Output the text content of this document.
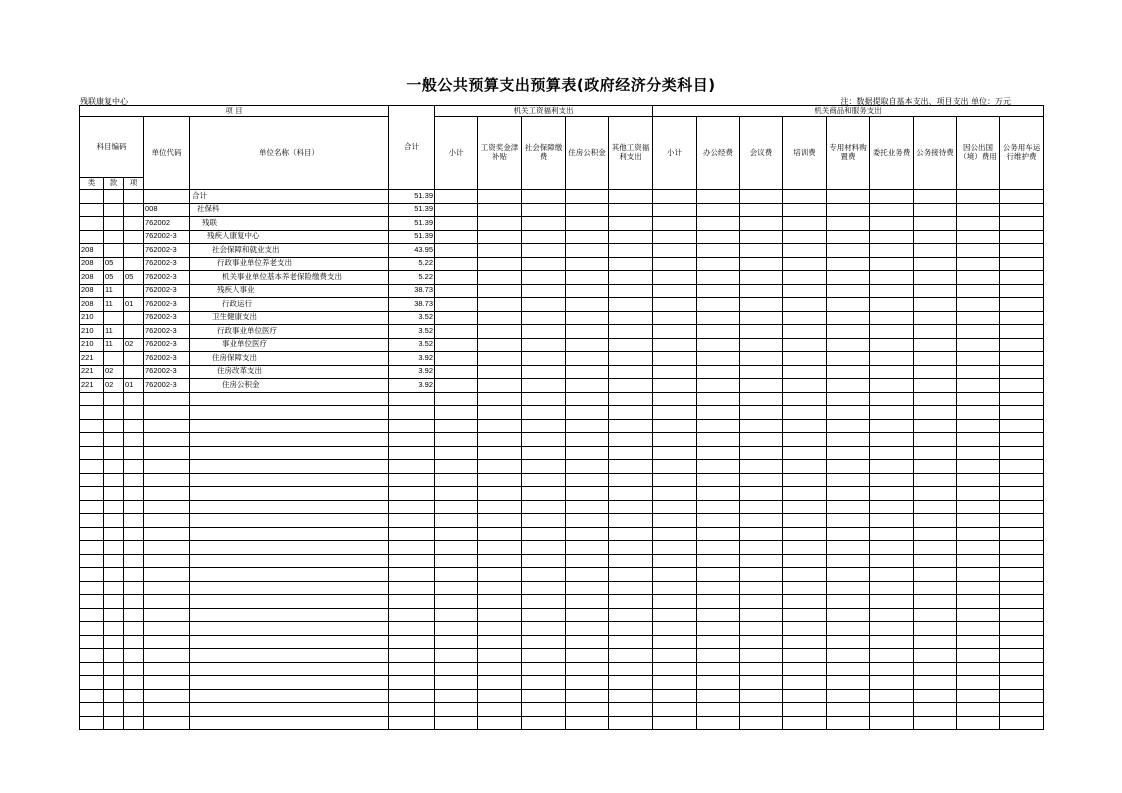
一般公共预算支出预算表(政府经济分类科目)
残联康复中心	注：数据提取自基本支出、项目支出 单位：万元
项 目					合计	机关工资福利支出					机关商品和服务支出								
科目编码			单位代码	单位名称（科目）		小计	工资奖金津补贴	社会保障缴费	住房公积金	其他工资福利支出	小计	办公经费	会议费	培训费	专用材料购置费	委托业务费	公务接待费	因公出国（境）费用	公务用车运行维护费
类	款	项																	
				合计	51.39														
			008	社保科	51.39														
			762002	残联	51.39														
			762002-3	残疾人康复中心	51.39														
208			762002-3	社会保障和就业支出	43.95														
208	05		762002-3	行政事业单位养老支出	5.22														
208	05	05	762002-3	机关事业单位基本养老保险缴费支出	5.22														
208	11		762002-3	残疾人事业	38.73														
208	11	01	762002-3	行政运行	38.73														
210			762002-3	卫生健康支出	3.52														
210	11		762002-3	行政事业单位医疗	3.52														
210	11	02	762002-3	事业单位医疗	3.52														
221			762002-3	住房保障支出	3.92														
221	02		762002-3	住房改革支出	3.92														
221	02	01	762002-3	住房公积金	3.92														
